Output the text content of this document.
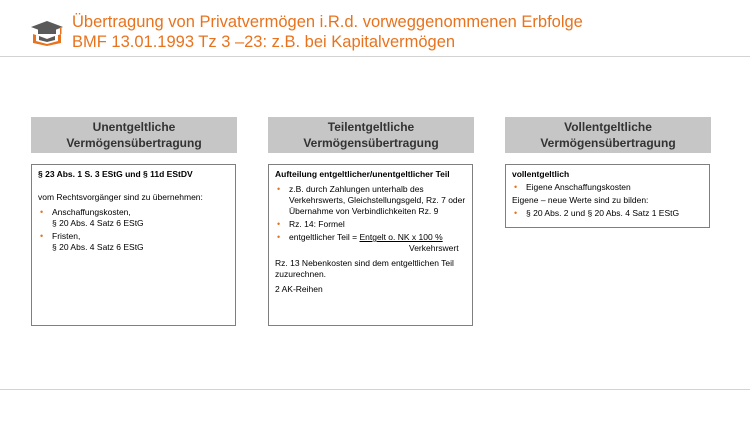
Übertragung von Privatvermögen i.R.d. vorweggenommenen Erbfolge
BMF 13.01.1993 Tz 3 –23: z.B. bei Kapitalvermögen
Unentgeltliche
Vermögensübertragung
§ 23 Abs. 1 S. 3 EStG und § 11d EStDV

vom Rechtsvorgänger sind zu übernehmen:

• Anschaffungskosten,
§ 20 Abs. 4 Satz 6 EStG
• Fristen,
§ 20 Abs. 4 Satz 6 EStG
Teilentgeltliche
Vermögensübertragung
Aufteilung entgeltlicher/unentgeltlicher Teil
• z.B. durch Zahlungen unterhalb des Verkehrswerts, Gleichstellungsgeld, Rz. 7 oder Übernahme von Verbindlichkeiten Rz. 9
• Rz. 14: Formel
• entgeltlicher Teil = Entgelt o. NK x 100 %
Verkehrswert

Rz. 13 Nebenkosten sind dem entgeltlichen Teil zuzurechnen.

2 AK-Reihen

Vollentgeltliche
Vermögensübertragung
vollentgeltlich
• Eigene Anschaffungskosten

Eigene – neue Werte sind zu bilden:

• § 20 Abs. 2 und § 20 Abs. 4 Satz 1 EStG
